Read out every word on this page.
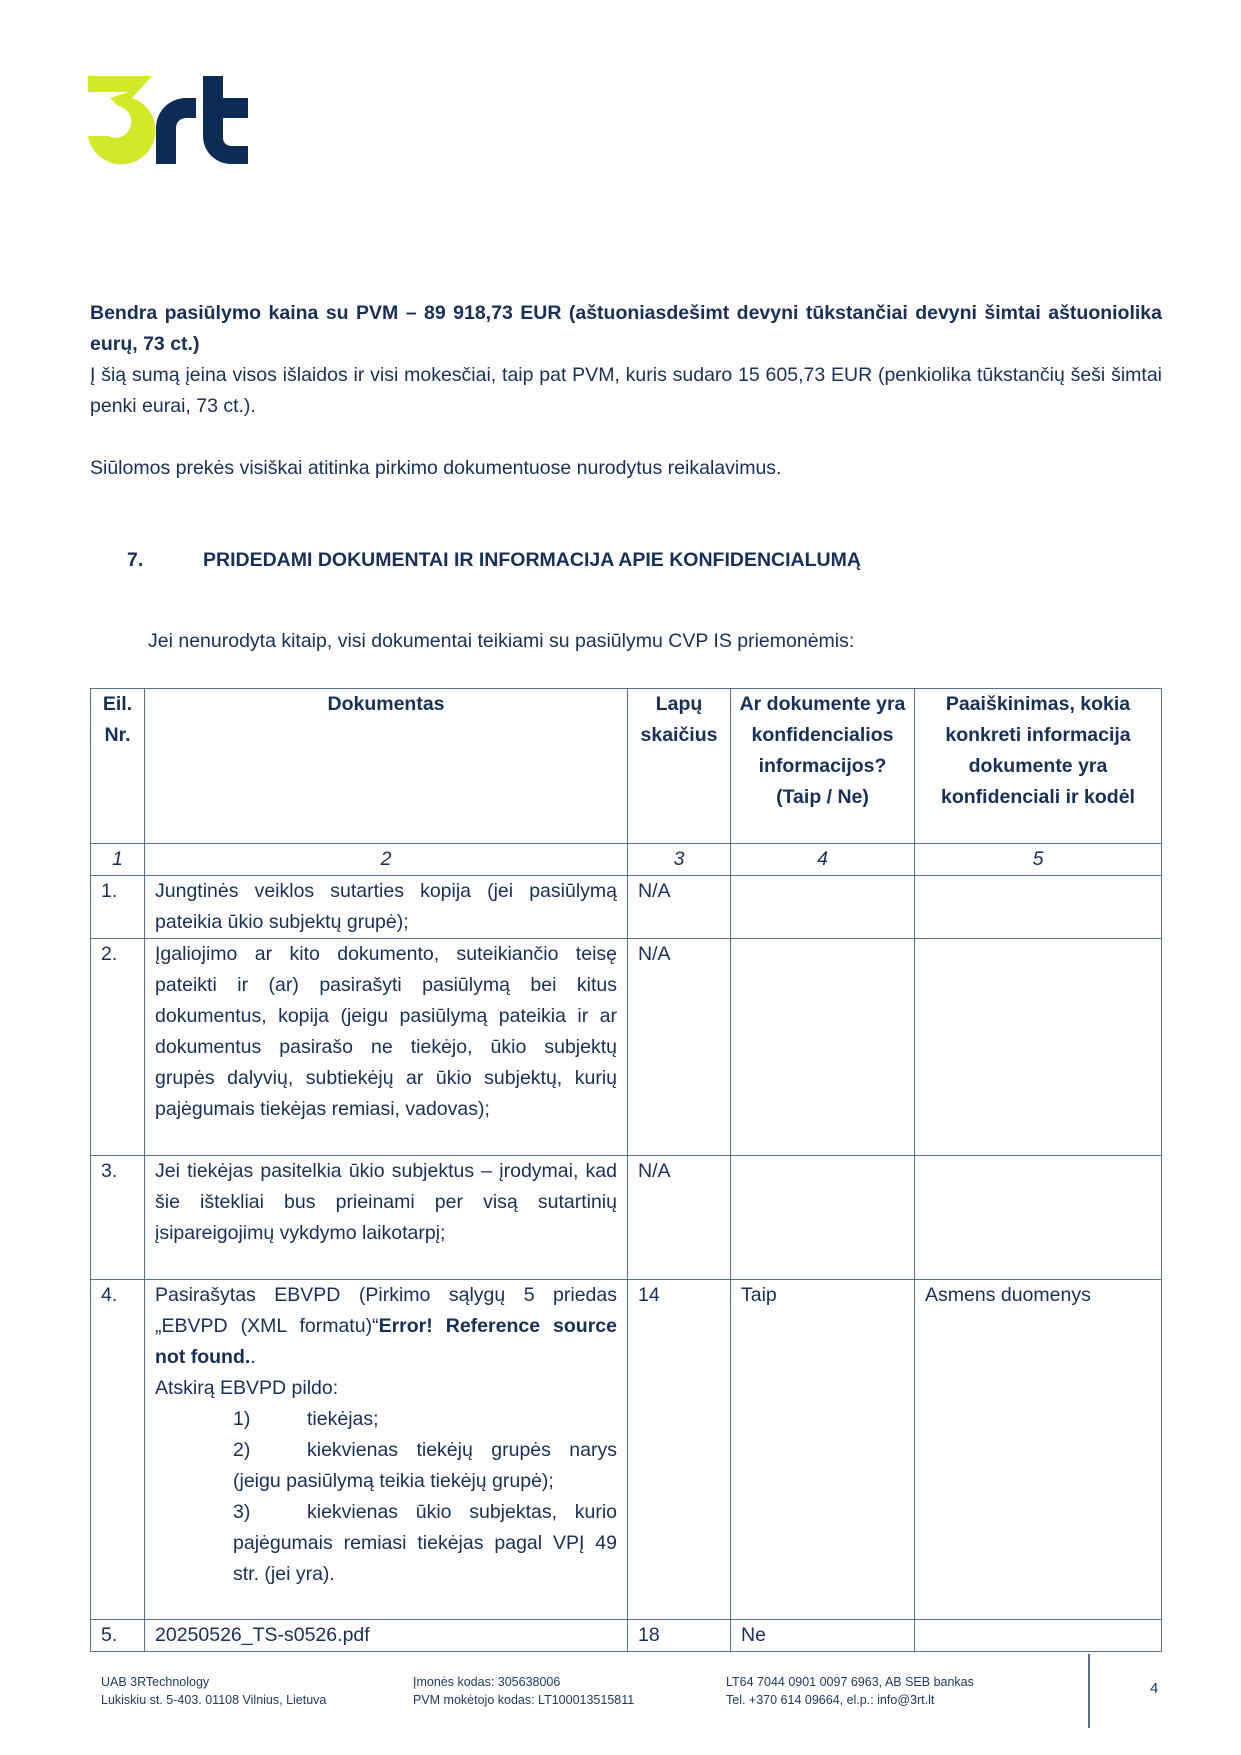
Bendra pasiūlymo kaina su PVM – 89 918,73 EUR (aštuoniasdešimt devyni tūkstančiai devyni šimtai aštuoniolika eurų, 73 ct.)
Į šią sumą įeina visos išlaidos ir visi mokesčiai, taip pat PVM, kuris sudaro 15 605,73 EUR (penkiolika tūkstančių šeši šimtai penki eurai, 73 ct.).
Siūlomos prekės visiškai atitinka pirkimo dokumentuose nurodytus reikalavimus.
7.	PRIDEDAMI DOKUMENTAI IR INFORMACIJA APIE KONFIDENCIALUMĄ
Jei nenurodyta kitaip, visi dokumentai teikiami su pasiūlymu CVP IS priemonėmis:
Eil. Nr.	Dokumentas	Lapų skaičius	Ar dokumente yra konfidencialios informacijos? (Taip / Ne)	Paaiškinimas, kokia konkreti informacija dokumente yra konfidenciali ir kodėl
1	2	3	4	5
1.	Jungtinės veiklos sutarties kopija (jei pasiūlymą pateikia ūkio subjektų grupė);	N/A		
2.	Įgaliojimo ar kito dokumento, suteikiančio teisę pateikti ir (ar) pasirašyti pasiūlymą bei kitus dokumentus, kopija (jeigu pasiūlymą pateikia ir ar dokumentus pasirašo ne tiekėjo, ūkio subjektų grupės dalyvių, subtiekėjų ar ūkio subjektų, kurių pajėgumais tiekėjas remiasi, vadovas);	N/A		
3.	Jei tiekėjas pasitelkia ūkio subjektus – įrodymai, kad šie ištekliai bus prieinami per visą sutartinių įsipareigojimų vykdymo laikotarpį;	N/A		
4.	Pasirašytas EBVPD (Pirkimo sąlygų 5 priedas „EBVPD (XML formatu)“Error! Reference source not found..
Atskirą EBVPD pildo:
1) tiekėjas;
2) kiekvienas tiekėjų grupės narys (jeigu pasiūlymą teikia tiekėjų grupė);
3) kiekvienas ūkio subjektas, kurio pajėgumais remiasi tiekėjas pagal VPĮ 49 str. (jei yra).	14	Taip	Asmens duomenys
5.	20250526_TS-s0526.pdf	18	Ne	
UAB 3RTechnology
Lukiskiu st. 5-403. 01108 Vilnius, Lietuva
Įmonės kodas: 305638006
PVM mokėtojo kodas: LT100013515811
LT64 7044 0901 0097 6963, AB SEB bankas
Tel. +370 614 09664, el.p.: info@3rt.lt
4
